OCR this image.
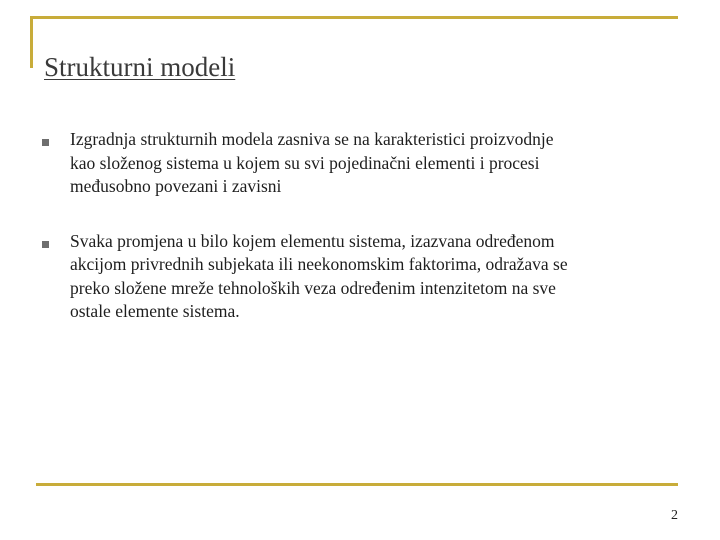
Strukturni modeli
Izgradnja strukturnih modela zasniva se na karakteristici proizvodnje
kao složenog sistema u kojem su svi pojedinačni elementi i procesi
međusobno povezani i zavisni
Svaka promjena u bilo kojem elementu sistema, izazvana određenom
akcijom privrednih subjekata ili neekonomskim faktorima, odražava se
preko složene mreže tehnoloških veza određenim intenzitetom na sve
ostale elemente sistema.
2
